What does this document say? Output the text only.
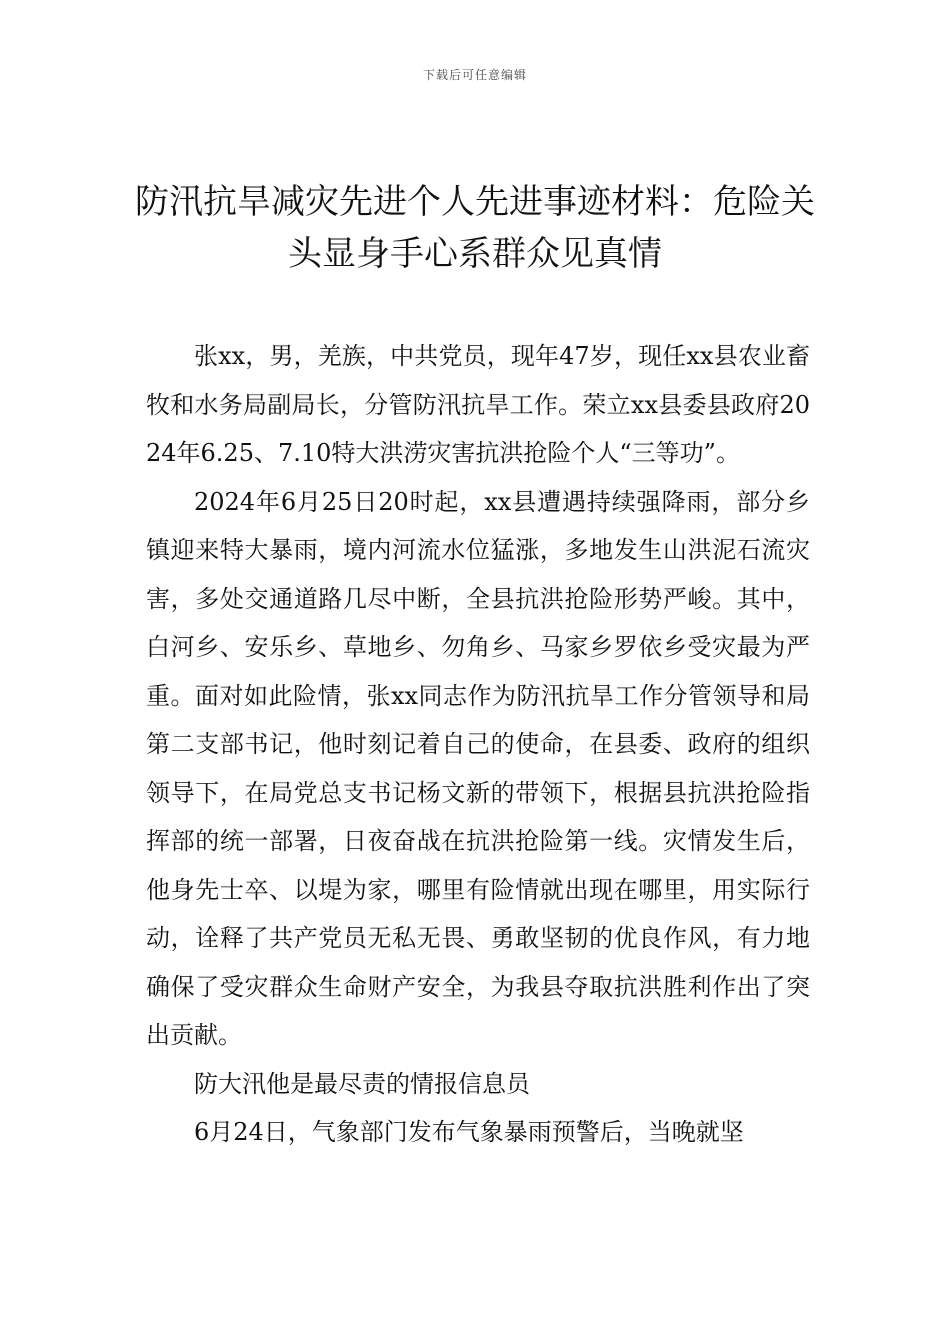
下载后可任意编辑
防汛抗旱减灾先进个人先进事迹材料：危险关头显身手心系群众见真情

张xx，男，羌族，中共党员，现年47岁，现任xx县农业畜牧和水务局副局长，分管防汛抗旱工作。荣立xx县委县政府2024年6.25、7.10特大洪涝灾害抗洪抢险个人“三等功”。

2024年6月25日20时起，xx县遭遇持续强降雨，部分乡镇迎来特大暴雨，境内河流水位猛涨，多地发生山洪泥石流灾害，多处交通道路几尽中断，全县抗洪抢险形势严峻。其中，白河乡、安乐乡、草地乡、勿角乡、马家乡罗依乡受灾最为严重。面对如此险情，张xx同志作为防汛抗旱工作分管领导和局第二支部书记，他时刻记着自己的使命，在县委、政府的组织领导下，在局党总支书记杨文新的带领下，根据县抗洪抢险指挥部的统一部署，日夜奋战在抗洪抢险第一线。灾情发生后，他身先士卒、以堤为家，哪里有险情就出现在哪里，用实际行动，诠释了共产党员无私无畏、勇敢坚韧的优良作风，有力地确保了受灾群众生命财产安全，为我县夺取抗洪胜利作出了突出贡献。

防大汛他是最尽责的情报信息员

6月24日，气象部门发布气象暴雨预警后，当晚就坚
